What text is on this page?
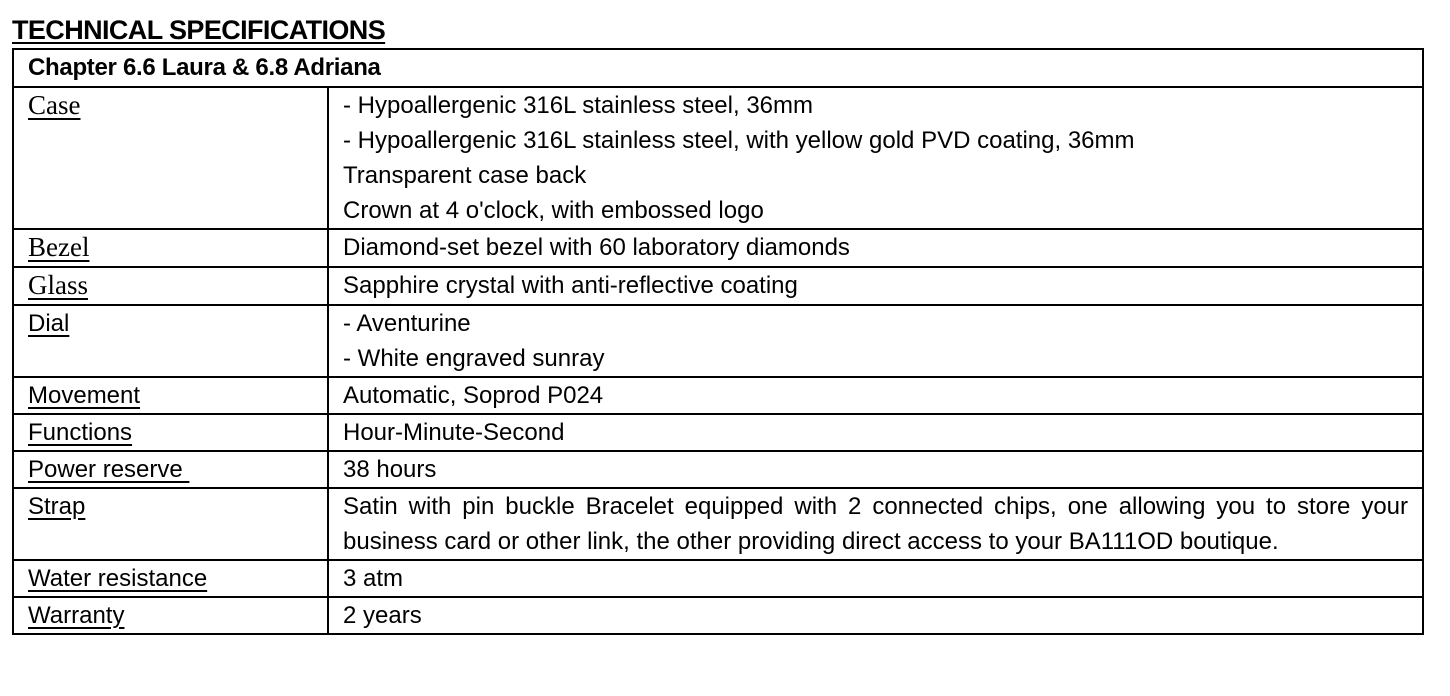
TECHNICAL SPECIFICATIONS
Chapter 6.6 Laura & 6.8 Adriana	
Case	- Hypoallergenic 316L stainless steel, 36mm
- Hypoallergenic 316L stainless steel, with yellow gold PVD coating, 36mm
Transparent case back
Crown at 4 o'clock, with embossed logo

Bezel	Diamond-set bezel with 60 laboratory diamonds

Glass	Sapphire crystal with anti-reflective coating

Dial	- Aventurine
- White engraved sunray

Movement	Automatic, Soprod P024

Functions	Hour-Minute-Second

Power reserve	38 hours

Strap	Satin with pin buckle Bracelet equipped with 2 connected chips, one allowing you to store your business card or other link, the other providing direct access to your BA111OD boutique.

Water resistance	3 atm

Warranty	2 years
